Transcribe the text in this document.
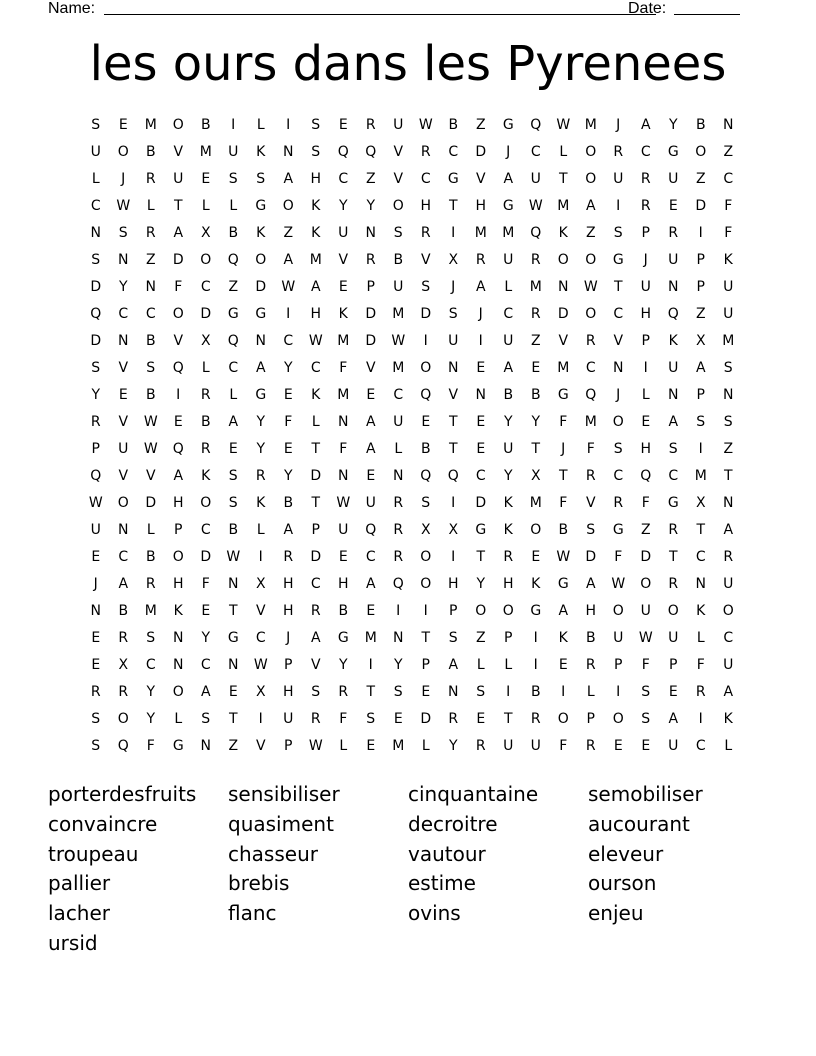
Name:	Date:
les ours dans les Pyrenees
S	E	M	O	B	I	L	I	S	E	R	U	W	B	Z	G	Q	W	M	J	A	Y	B	N
U	O	B	V	M	U	K	N	S	Q	Q	V	R	C	D	J	C	L	O	R	C	G	O	Z
L	J	R	U	E	S	S	A	H	C	Z	V	C	G	V	A	U	T	O	U	R	U	Z	C
C	W	L	T	L	L	G	O	K	Y	Y	O	H	T	H	G	W	M	A	I	R	E	D	F
N	S	R	A	X	B	K	Z	K	U	N	S	R	I	M	M	Q	K	Z	S	P	R	I	F
S	N	Z	D	O	Q	O	A	M	V	R	B	V	X	R	U	R	O	O	G	J	U	P	K
D	Y	N	F	C	Z	D	W	A	E	P	U	S	J	A	L	M	N	W	T	U	N	P	U
Q	C	C	O	D	G	G	I	H	K	D	M	D	S	J	C	R	D	O	C	H	Q	Z	U
D	N	B	V	X	Q	N	C	W	M	D	W	I	U	I	U	Z	V	R	V	P	K	X	M
S	V	S	Q	L	C	A	Y	C	F	V	M	O	N	E	A	E	M	C	N	I	U	A	S
Y	E	B	I	R	L	G	E	K	M	E	C	Q	V	N	B	B	G	Q	J	L	N	P	N
R	V	W	E	B	A	Y	F	L	N	A	U	E	T	E	Y	Y	F	M	O	E	A	S	S
P	U	W	Q	R	E	Y	E	T	F	A	L	B	T	E	U	T	J	F	S	H	S	I	Z
Q	V	V	A	K	S	R	Y	D	N	E	N	Q	Q	C	Y	X	T	R	C	Q	C	M	T
W	O	D	H	O	S	K	B	T	W	U	R	S	I	D	K	M	F	V	R	F	G	X	N
U	N	L	P	C	B	L	A	P	U	Q	R	X	X	G	K	O	B	S	G	Z	R	T	A
E	C	B	O	D	W	I	R	D	E	C	R	O	I	T	R	E	W	D	F	D	T	C	R
J	A	R	H	F	N	X	H	C	H	A	Q	O	H	Y	H	K	G	A	W	O	R	N	U
N	B	M	K	E	T	V	H	R	B	E	I	I	P	O	O	G	A	H	O	U	O	K	O
E	R	S	N	Y	G	C	J	A	G	M	N	T	S	Z	P	I	K	B	U	W	U	L	C
E	X	C	N	C	N	W	P	V	Y	I	Y	P	A	L	L	I	E	R	P	F	P	F	U
R	R	Y	O	A	E	X	H	S	R	T	S	E	N	S	I	B	I	L	I	S	E	R	A
S	O	Y	L	S	T	I	U	R	F	S	E	D	R	E	T	R	O	P	O	S	A	I	K
S	Q	F	G	N	Z	V	P	W	L	E	M	L	Y	R	U	U	F	R	E	E	U	C	L
porterdesfruits	sensibiliser	cinquantaine	semobiliser
convaincre	quasiment	decroitre	aucourant
troupeau	chasseur	vautour	eleveur
pallier	brebis	estime	ourson
lacher	flanc	ovins	enjeu
ursid
